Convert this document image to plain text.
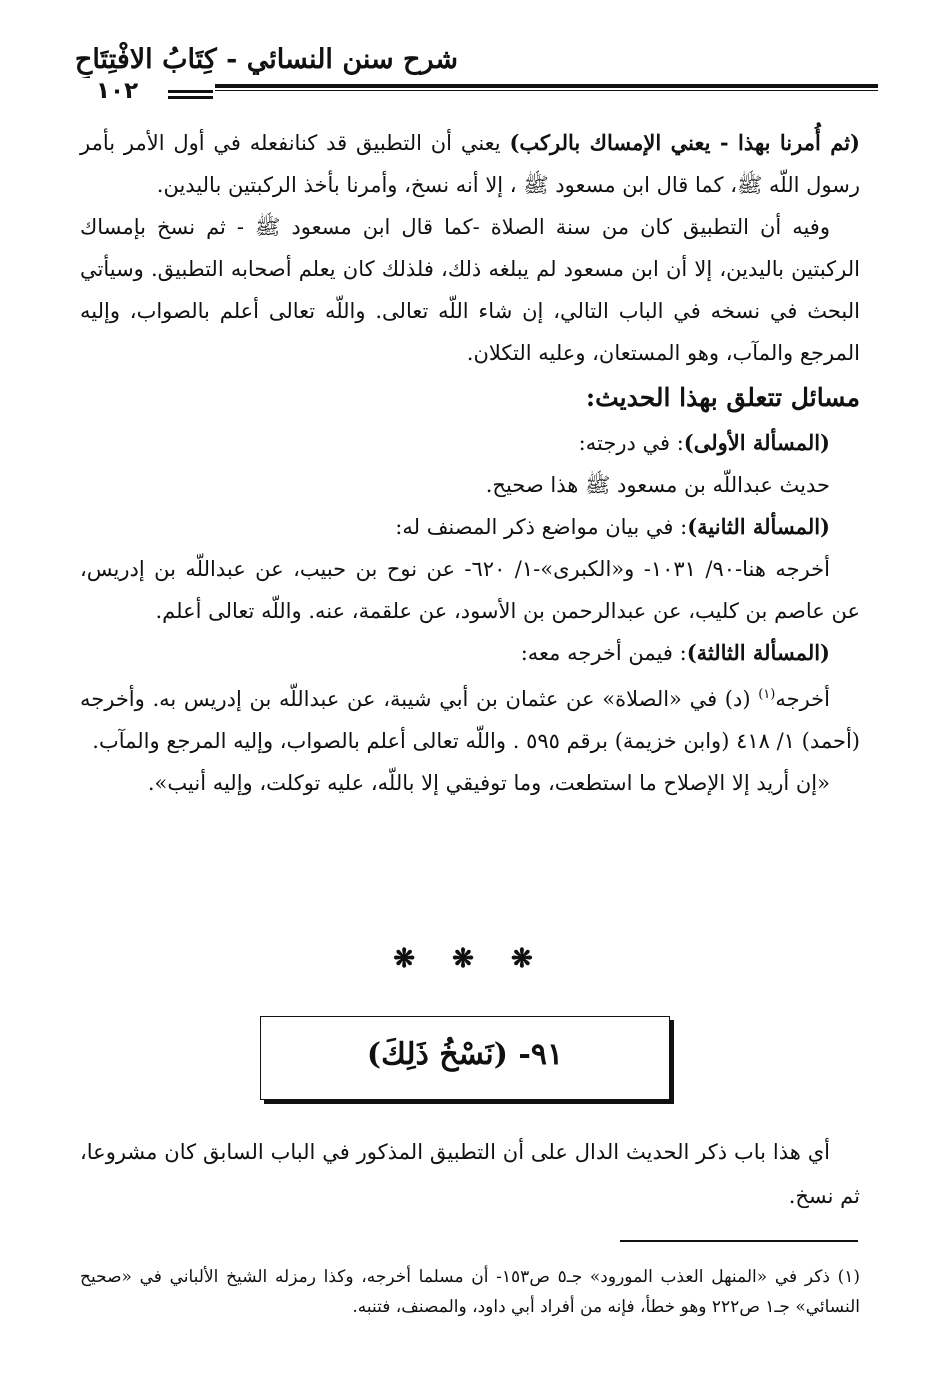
شرح سنن النسائي - كِتَابُ الافْتِتَاحِ
١٠٢

(ثم أُمرنا بهذا - يعني الإمساك بالركب) يعني أن التطبيق قد كنانفعله في أول الأمر بأمر رسول اللّه ﷺ، كما قال ابن مسعود ﷺ ، إلا أنه نسخ، وأمرنا بأخذ الركبتين باليدين.

وفيه أن التطبيق كان من سنة الصلاة -كما قال ابن مسعود ﷺ - ثم نسخ بإمساك الركبتين باليدين، إلا أن ابن مسعود لم يبلغه ذلك، فلذلك كان يعلم أصحابه التطبيق. وسيأتي البحث في نسخه في الباب التالي، إن شاء اللّه تعالى. واللّه تعالى أعلم بالصواب، وإليه المرجع والمآب، وهو المستعان، وعليه التكلان.

مسائل تتعلق بهذا الحديث:

(المسألة الأولى): في درجته:

حديث عبداللّه بن مسعود ﷺ هذا صحيح.

(المسألة الثانية): في بيان مواضع ذكر المصنف له:

أخرجه هنا-٩٠/ ١٠٣١- و«الكبرى»-١/ ٦٢٠- عن نوح بن حبيب، عن عبداللّه بن إدريس، عن عاصم بن كليب، عن عبدالرحمن بن الأسود، عن علقمة، عنه. واللّه تعالى أعلم.

(المسألة الثالثة): فيمن أخرجه معه:

أخرجه$^{(١)}$ (د) في «الصلاة» عن عثمان بن أبي شيبة، عن عبداللّه بن إدريس به. وأخرجه (أحمد) ١/ ٤١٨ (وابن خزيمة) برقم ٥٩٥ . واللّه تعالى أعلم بالصواب، وإليه المرجع والمآب.

«إن أريد إلا الإصلاح ما استطعت، وما توفيقي إلا باللّه، عليه توكلت، وإليه أنيب».

❋ ❋ ❋
٩١- (نَسْخُ ذَلِكَ)

أي هذا باب ذكر الحديث الدال على أن التطبيق المذكور في الباب السابق كان مشروعا، ثم نسخ.

(١) ذكر في «المنهل العذب المورود» جـ٥ ص١٥٣- أن مسلما أخرجه، وكذا رمزله الشيخ الألباني في «صحيح النسائي» جـ١ ص٢٢٢ وهو خطأ، فإنه من أفراد أبي داود، والمصنف، فتنبه.
